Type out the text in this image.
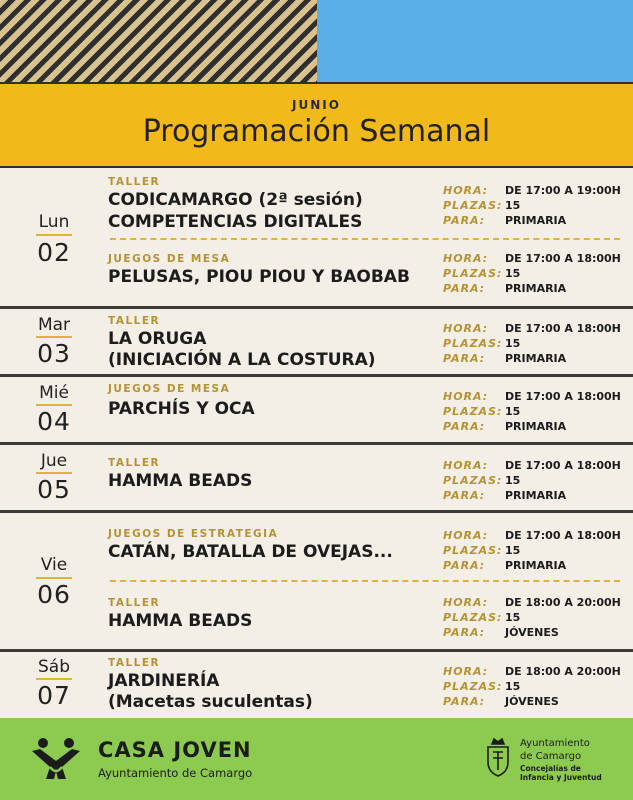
JUNIO
Programación Semanal
Lun
02
TALLER
CODICAMARGO (2ª sesión)
COMPETENCIAS DIGITALES
HORA: DE 17:00 A 19:00H
PLAZAS: 15
PARA: PRIMARIA
JUEGOS DE MESA
PELUSAS, PIOU PIOU Y BAOBAB
HORA: DE 17:00 A 18:00H
PLAZAS: 15
PARA: PRIMARIA
Mar
03
TALLER
LA ORUGA
(INICIACIÓN A LA COSTURA)
HORA: DE 17:00 A 18:00H
PLAZAS: 15
PARA: PRIMARIA
Mié
04
JUEGOS DE MESA
PARCHÍS Y OCA
HORA: DE 17:00 A 18:00H
PLAZAS: 15
PARA: PRIMARIA
Jue
05
TALLER
HAMMA BEADS
HORA: DE 17:00 A 18:00H
PLAZAS: 15
PARA: PRIMARIA
Vie
06
JUEGOS DE ESTRATEGIA
CATÁN, BATALLA DE OVEJAS...
HORA: DE 17:00 A 18:00H
PLAZAS: 15
PARA: PRIMARIA
TALLER
HAMMA BEADS
HORA: DE 18:00 A 20:00H
PLAZAS: 15
PARA: JÓVENES
Sáb
07
TALLER
JARDINERÍA
(Macetas suculentas)
HORA: DE 18:00 A 20:00H
PLAZAS: 15
PARA: JÓVENES
CASA JOVEN
Ayuntamiento de Camargo
Ayuntamiento
de Camargo
Concejalías de
Infancia y Juventud
